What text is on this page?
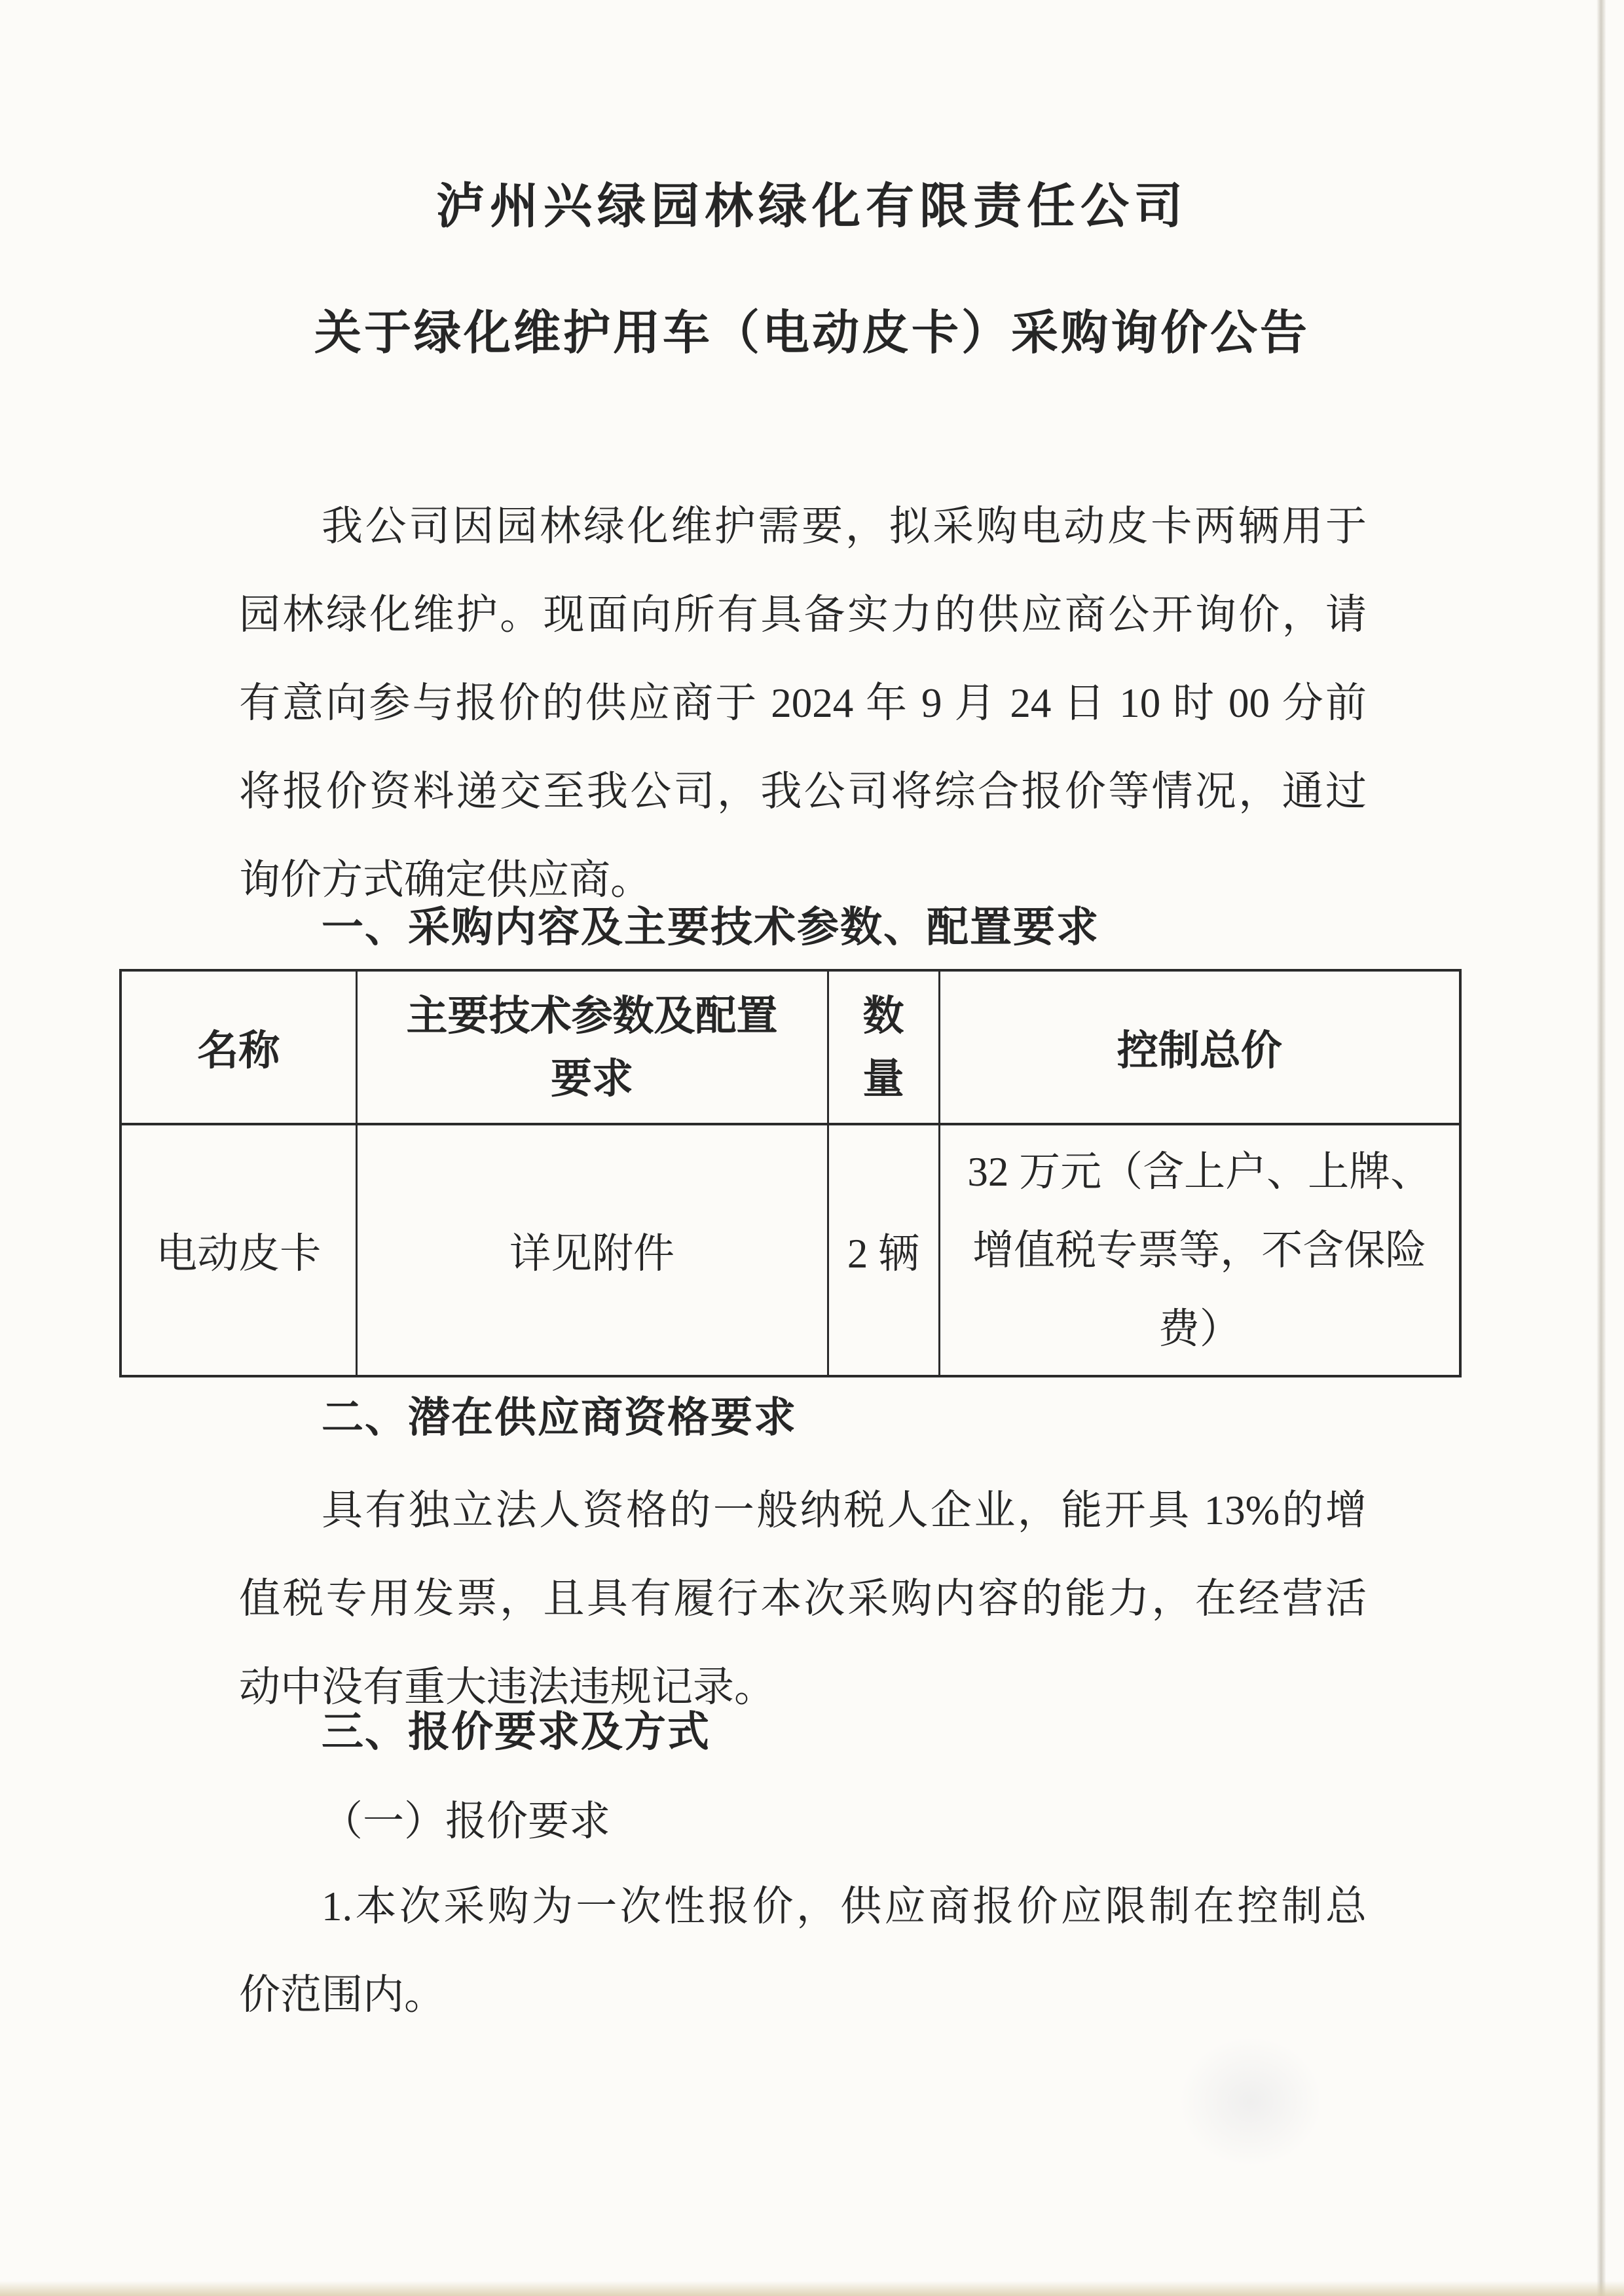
泸州兴绿园林绿化有限责任公司
关于绿化维护用车（电动皮卡）采购询价公告
我公司因园林绿化维护需要，拟采购电动皮卡两辆用于
园林绿化维护。现面向所有具备实力的供应商公开询价，请
有意向参与报价的供应商于 2024 年 9 月 24 日 10 时 00 分前
将报价资料递交至我公司，我公司将综合报价等情况，通过
询价方式确定供应商。
一、采购内容及主要技术参数、配置要求
名称	主要技术参数及配置要求	数量	控制总价
电动皮卡	详见附件	2 辆	32 万元（含上户、上牌、
增值税专票等，不含保险
费）
二、潜在供应商资格要求
具有独立法人资格的一般纳税人企业，能开具 13%的增
值税专用发票，且具有履行本次采购内容的能力，在经营活
动中没有重大违法违规记录。
三、报价要求及方式
（一）报价要求
1.本次采购为一次性报价，供应商报价应限制在控制总
价范围内。
